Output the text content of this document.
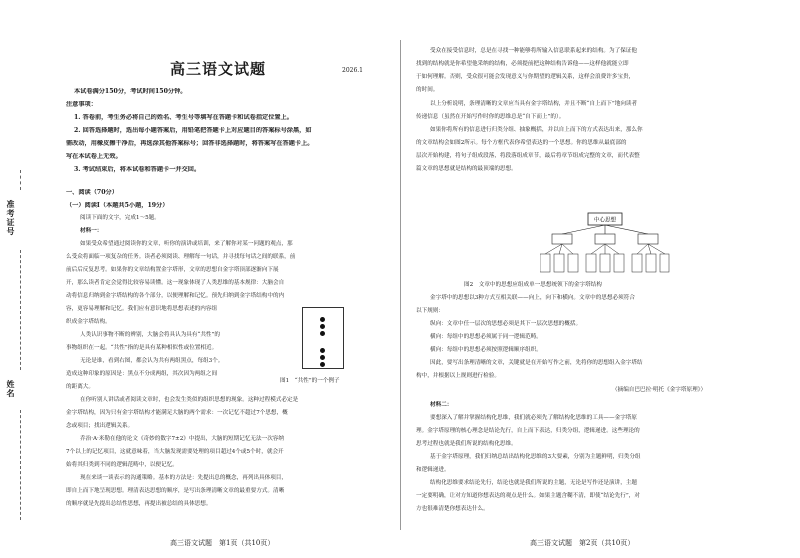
准考证号
姓名
高三语文试题	2026.1
本试卷满分150分，考试时间150分钟。
注意事项：
1. 答卷前，考生务必将自己的姓名、考生号等填写在答题卡和试卷指定位置上。
2. 回答选择题时，选出每小题答案后，用铅笔把答题卡上对应题目的答案标号涂黑，如
需改动，用橡皮擦干净后，再选涂其他答案标号；回答非选择题时，将答案写在答题卡上。
写在本试卷上无效。
3. 考试结束后，将本试卷和答题卡一并交回。
一、阅读（70分）
（一）阅读Ⅰ（本题共5小题，19分）
阅读下面的文字，完成1～5题。
材料一：
如果受众希望通过阅读你的文章，听你的演讲或培训，来了解你对某一问题的观点，那
么受众将面临一项复杂的任务。读者必须阅读、理解每一句话，并寻找每句话之间的联系，前
前后后反复思考。如果你的文章结构置金字塔形，文章的思想自金字塔顶部逐渐向下展
开，那么读者肯定会觉得比较容易读懂。这一现象体现了人类思维的基本规律：大脑会自
动将信息归纳到金字塔结构的各个部分，以便理解和记忆。预先归纳到金字塔结构中的内
容，更容易理解和记忆。我们应有意识地将思想表述的内容组
织成金字塔结构。
人类认识事物不断的辨别，大脑会将具认为具有“共性”的
事物组织在一起。“共性”指的是具有某种相似性或位置相近。
无论是谁，看到右图，都会认为共有两组黑点，每组3个。
造成这种印象的原因是：黑点不分成两组，其次因为两组之间
的距离大。
图1　“共性”的一个例子
在你听别人讲话或者阅读文章时，也会发生类似的组织思想的现象。这种过程模式必定是
金字塔结构，因为只有金字塔结构才能满足大脑的两个需求：一次记忆不超过7个思想，概
念或项目；找出逻辑关系。
乔治·A·米勒在他的论文《奇妙的数字7±2》中提出，大脑的短期记忆无法一次容纳
7个以上的记忆项目，这就意味着，当大脑发现需要处理的项目超过4个或5个时，就会开
始将其归类到不同的逻辑范畴中，以便记忆。
现在来谈一谈表示的沟通策略。基本的方法是：先提出总的概念，再列出具体项目，
即自上而下地呈现思想。理清表达思想的顺序，是写出条理清晰文章的最重要方式。清晰
的顺序就是先提出总结性思想，再提出被总结的具体思想。
高三语文试题　第1页（共10页）
受众在接受信息时，总是在寻找一种能够将所输入信息联系起来的结构。为了保证他
找到的结构就是你希望他采纳的结构，必须提前把这种结构告诉他——这样他就能立即
于如何理解。否则，受众很可能会发现意义与你期望的逻辑关系，这样会浪费许多宝贵，
的时间。
以上分析说明，条理清晰的文章应当具有金字塔结构，并且不断“自上而下”地向读者
传递信息（虽然在开始写作时你的思维总是“自下而上”的）。
如果你将所有的信息进行归类分组、抽象概括，并以自上而下的方式表达出来，那么你
的文章结构会如图2所示。每个方框代表你希望表达的一个思想。你的思维从最底部的
层次开始构建，将句子组成段落，将段落组成章节，最后将章节组成完整的文章，而代表整
篇文章的思想就是结构的最顶端的思想。
中心思想
图2　文章中的思想应组成单一思想统领下的金字塔结构
金字塔中的思想以3种方式互相关联——向上，向下和横向。文章中的思想必须符合
以下规则：
纵向：文章中任一层次的思想必须是其下一层次思想的概括。
横向：每组中的思想必须属于同一逻辑范畴。
横向：每组中的思想必须按照逻辑顺序组织。
因此，要写出条理清晰的文章，关键就是在开始写作之前，先将你的思想组入金字塔结
构中，并根据以上规则进行检验。
（摘编自巴巴拉·明托《金字塔原理》）
材料二：
要想深入了解并掌握结构化思维，我们就必须先了解结构化思维的工具——金字塔原
理。金字塔原理的核心理念是结论先行，自上而下表达，归类分组，逻辑递进。这些理论的
思考过程也就是我们所说的结构化思维。
基于金字塔原理，我们归纳总结出结构化思维的3大要素，分别为主题鲜明，归类分组
和逻辑递进。
结构化思维要求结论先行，结论也就是我们所说的主题，无论是写作还是演讲，主题
一定要明确，让对方知道你想表达的观点是什么。如果主题含糊不清，即使“结论先行”，对
方也很难清楚你想表达什么。
高三语文试题　第2页（共10页）
